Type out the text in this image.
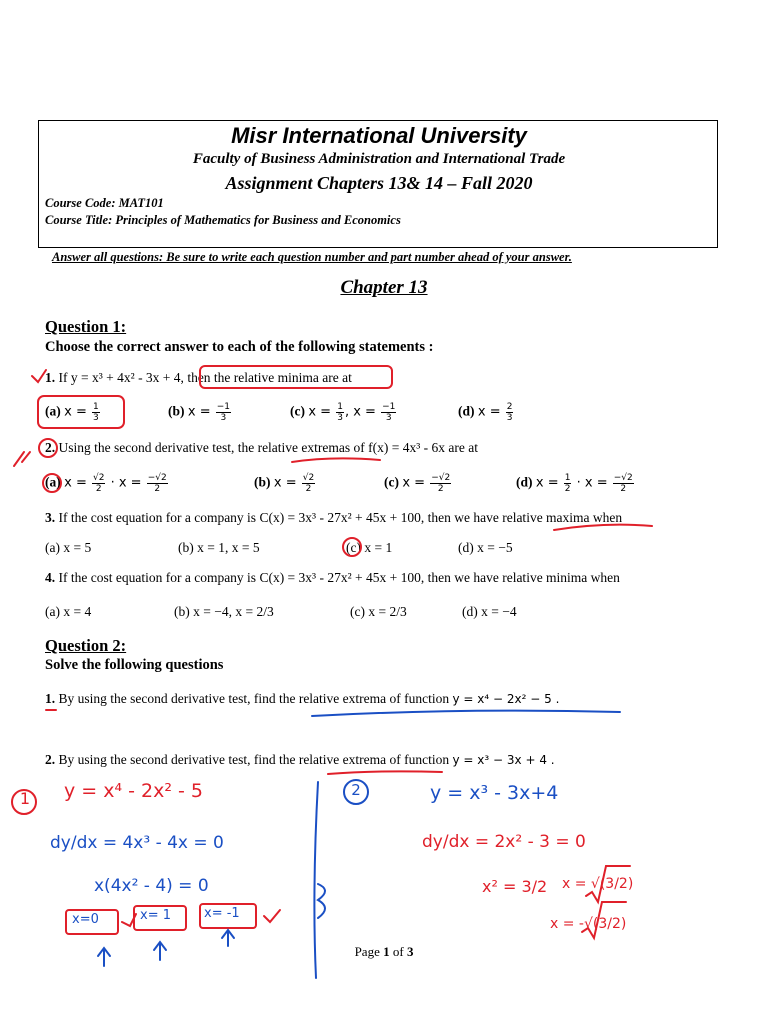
Misr International University
Faculty of Business Administration and International Trade
Assignment Chapters 13& 14 – Fall 2020
Course Code: MAT101
Course Title: Principles of Mathematics for Business and Economics
Answer all questions: Be sure to write each question number and part number ahead of your answer.
Chapter 13
Question 1:
Choose the correct answer to each of the following statements :
1. If y = x³ + 4x² - 3x + 4, then the relative minima are at
(a) $x = \frac{1}{3}$	(b) $x = \frac{-1}{3}$	(c) $x = \frac{1}{3}$ , $x = \frac{-1}{3}$	(d) $x = \frac{2}{3}$
2. Using the second derivative test, the relative extremas of f(x) = 4x³ - 6x are at
(a) $x = \frac{√2}{2} \cdot x = \frac{-√2}{2}$	(b) $x = \frac{√2}{2}$	(c) $x = \frac{-√2}{2}$	(d) $x = \frac{1}{2} \cdot x = \frac{-√2}{2}$
3. If the cost equation for a company is C(x) = 3x³ - 27x² + 45x + 100, then we have relative maxima when
(a) x = 5	(b) x = 1, x = 5	(c) x = 1	(d) x = −5
4. If the cost equation for a company is C(x) = 3x³ - 27x² + 45x + 100, then we have relative minima when
(a) x = 4	(b) x = −4, x = 2/3	(c) x = 2/3	(d) x = −4
Question 2:
Solve the following questions
1. By using the second derivative test, find the relative extrema of function y = x⁴ − 2x² − 5 .
2. By using the second derivative test, find the relative extrema of function y = x³ − 3x + 4 .
1 y = x⁴ - 2x² - 5
dy/dx = 4x³ - 4x = 0
x(4x² - 4) = 0
x=0	x= 1	x= -1
2	y = x³ - 3x+4
dy/dx = 2x² - 3 = 0
x² = 3/2 x = √(3/2)
x = -√(3/2)
Page 1 of 3
